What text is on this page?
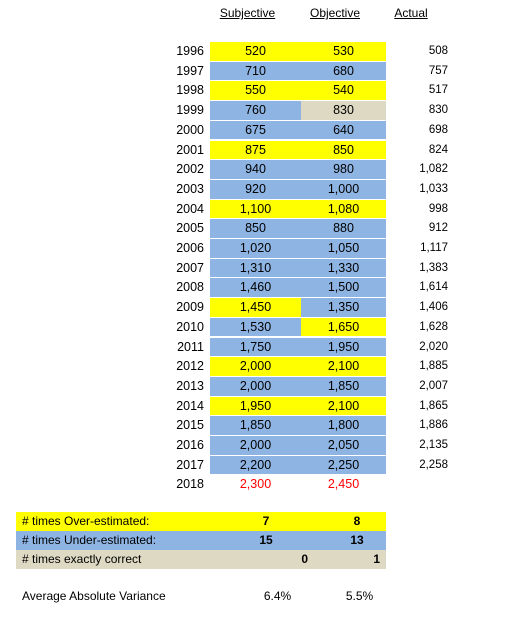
Subjective	Objective	Actual
1996	520	530	508
1997	710	680	757
1998	550	540	517
1999	760	830	830
2000	675	640	698
2001	875	850	824
2002	940	980	1,082
2003	920	1,000	1,033
2004	1,100	1,080	998
2005	850	880	912
2006	1,020	1,050	1,117
2007	1,310	1,330	1,383
2008	1,460	1,500	1,614
2009	1,450	1,350	1,406
2010	1,530	1,650	1,628
2011	1,750	1,950	2,020
2012	2,000	2,100	1,885
2013	2,000	1,850	2,007
2014	1,950	2,100	1,865
2015	1,850	1,800	1,886
2016	2,000	2,050	2,135
2017	2,200	2,250	2,258
2018	2,300	2,450
# times Over-estimated:	7	8
# times Under-estimated:	15	13
# times exactly correct	0	1
Average Absolute Variance	6.4%	5.5%
